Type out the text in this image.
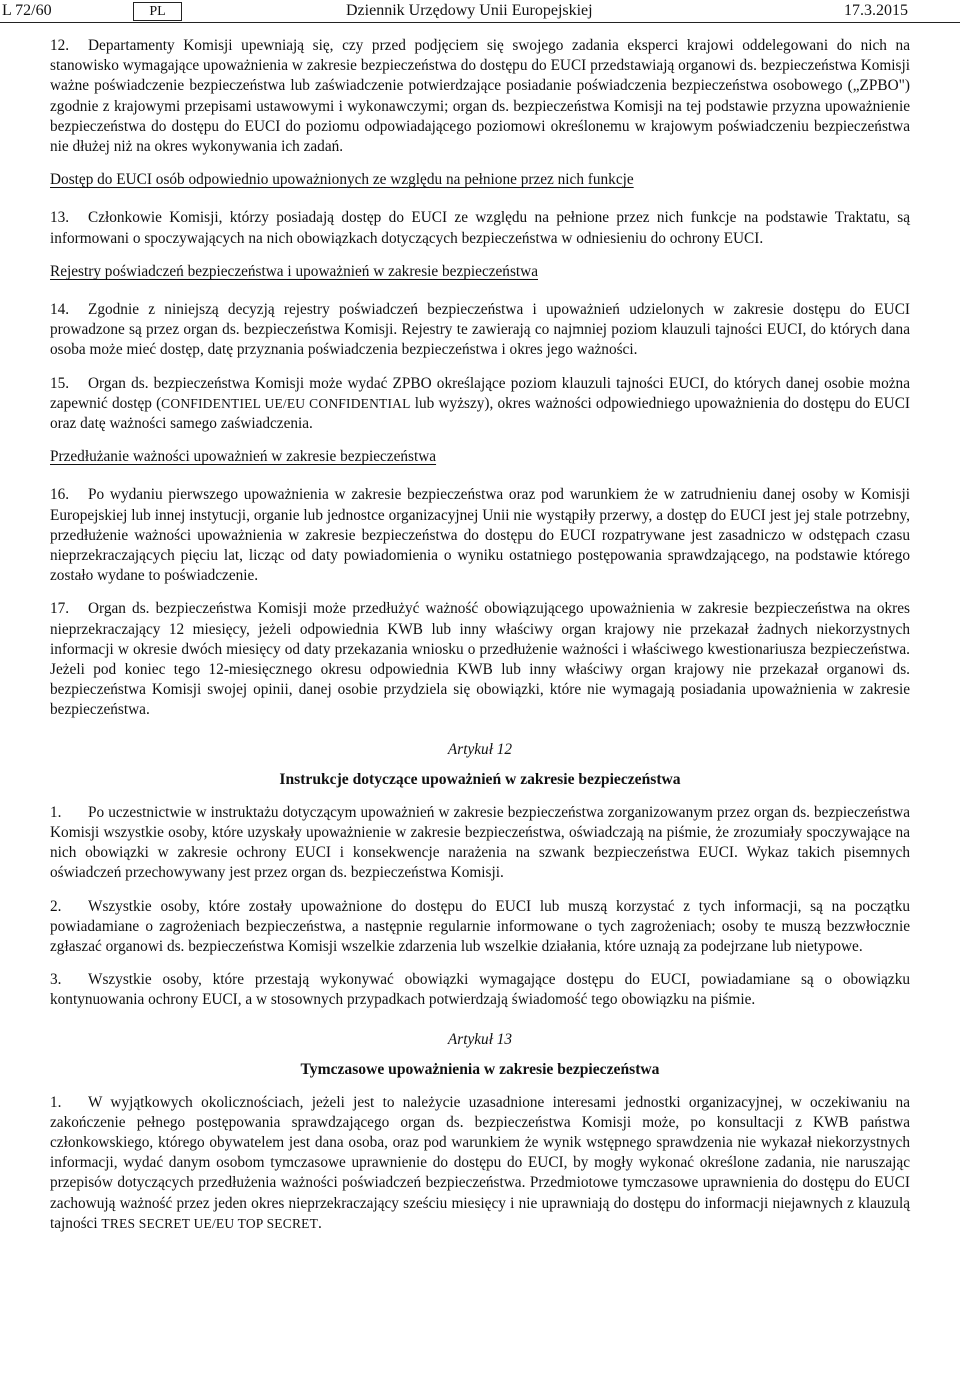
L 72/60	PL	Dziennik Urzędowy Unii Europejskiej	17.3.2015

12. Departamenty Komisji upewniają się, czy przed podjęciem się swojego zadania eksperci krajowi oddelegowani do nich na stanowisko wymagające upoważnienia w zakresie bezpieczeństwa do dostępu do EUCI przedstawiają organowi ds. bezpieczeństwa Komisji ważne poświadczenie bezpieczeństwa lub zaświadczenie potwierdzające posiadanie poświadczenia bezpieczeństwa osobowego („ZPBO") zgodnie z krajowymi przepisami ustawowymi i wykonawczymi; organ ds. bezpieczeństwa Komisji na tej podstawie przyzna upoważnienie bezpieczeństwa do dostępu do EUCI do poziomu odpowiadającego poziomowi określonemu w krajowym poświadczeniu bezpieczeństwa nie dłużej niż na okres wykonywania ich zadań.

Dostęp do EUCI osób odpowiednio upoważnionych ze względu na pełnione przez nich funkcje

13. Członkowie Komisji, którzy posiadają dostęp do EUCI ze względu na pełnione przez nich funkcje na podstawie Traktatu, są informowani o spoczywających na nich obowiązkach dotyczących bezpieczeństwa w odniesieniu do ochrony EUCI.

Rejestry poświadczeń bezpieczeństwa i upoważnień w zakresie bezpieczeństwa

14. Zgodnie z niniejszą decyzją rejestry poświadczeń bezpieczeństwa i upoważnień udzielonych w zakresie dostępu do EUCI prowadzone są przez organ ds. bezpieczeństwa Komisji. Rejestry te zawierają co najmniej poziom klauzuli tajności EUCI, do których dana osoba może mieć dostęp, datę przyznania poświadczenia bezpieczeństwa i okres jego ważności.

15. Organ ds. bezpieczeństwa Komisji może wydać ZPBO określające poziom klauzuli tajności EUCI, do których danej osobie można zapewnić dostęp (CONFIDENTIEL UE/EU CONFIDENTIAL lub wyższy), okres ważności odpowiedniego upoważnienia do dostępu do EUCI oraz datę ważności samego zaświadczenia.

Przedłużanie ważności upoważnień w zakresie bezpieczeństwa

16. Po wydaniu pierwszego upoważnienia w zakresie bezpieczeństwa oraz pod warunkiem że w zatrudnieniu danej osoby w Komisji Europejskiej lub innej instytucji, organie lub jednostce organizacyjnej Unii nie wystąpiły przerwy, a dostęp do EUCI jest jej stale potrzebny, przedłużenie ważności upoważnienia w zakresie bezpieczeństwa do dostępu do EUCI rozpatrywane jest zasadniczo w odstępach czasu nieprzekraczających pięciu lat, licząc od daty powiadomienia o wyniku ostatniego postępowania sprawdzającego, na podstawie którego zostało wydane to poświadczenie.

17. Organ ds. bezpieczeństwa Komisji może przedłużyć ważność obowiązującego upoważnienia w zakresie bezpieczeństwa na okres nieprzekraczający 12 miesięcy, jeżeli odpowiednia KWB lub inny właściwy organ krajowy nie przekazał żadnych niekorzystnych informacji w okresie dwóch miesięcy od daty przekazania wniosku o przedłużenie ważności i właściwego kwestionariusza bezpieczeństwa. Jeżeli pod koniec tego 12-miesięcznego okresu odpowiednia KWB lub inny właściwy organ krajowy nie przekazał organowi ds. bezpieczeństwa Komisji swojej opinii, danej osobie przydziela się obowiązki, które nie wymagają posiadania upoważnienia w zakresie bezpieczeństwa.

Artykuł 12
Instrukcje dotyczące upoważnień w zakresie bezpieczeństwa

1. Po uczestnictwie w instruktażu dotyczącym upoważnień w zakresie bezpieczeństwa zorganizowanym przez organ ds. bezpieczeństwa Komisji wszystkie osoby, które uzyskały upoważnienie w zakresie bezpieczeństwa, oświadczają na piśmie, że zrozumiały spoczywające na nich obowiązki w zakresie ochrony EUCI i konsekwencje narażenia na szwank bezpieczeństwa EUCI. Wykaz takich pisemnych oświadczeń przechowywany jest przez organ ds. bezpieczeństwa Komisji.

2. Wszystkie osoby, które zostały upoważnione do dostępu do EUCI lub muszą korzystać z tych informacji, są na początku powiadamiane o zagrożeniach bezpieczeństwa, a następnie regularnie informowane o tych zagrożeniach; osoby te muszą bezzwłocznie zgłaszać organowi ds. bezpieczeństwa Komisji wszelkie zdarzenia lub wszelkie działania, które uznają za podejrzane lub nietypowe.

3. Wszystkie osoby, które przestają wykonywać obowiązki wymagające dostępu do EUCI, powiadamiane są o obowiązku kontynuowania ochrony EUCI, a w stosownych przypadkach potwierdzają świadomość tego obowiązku na piśmie.

Artykuł 13
Tymczasowe upoważnienia w zakresie bezpieczeństwa

1. W wyjątkowych okolicznościach, jeżeli jest to należycie uzasadnione interesami jednostki organizacyjnej, w oczekiwaniu na zakończenie pełnego postępowania sprawdzającego organ ds. bezpieczeństwa Komisji może, po konsultacji z KWB państwa członkowskiego, którego obywatelem jest dana osoba, oraz pod warunkiem że wynik wstępnego sprawdzenia nie wykazał niekorzystnych informacji, wydać danym osobom tymczasowe uprawnienie do dostępu do EUCI, by mogły wykonać określone zadania, nie naruszając przepisów dotyczących przedłużenia ważności poświadczeń bezpieczeństwa. Przedmiotowe tymczasowe uprawnienia do dostępu do EUCI zachowują ważność przez jeden okres nieprzekraczający sześciu miesięcy i nie uprawniają do dostępu do informacji niejawnych z klauzulą tajności TRES SECRET UE/EU TOP SECRET.
